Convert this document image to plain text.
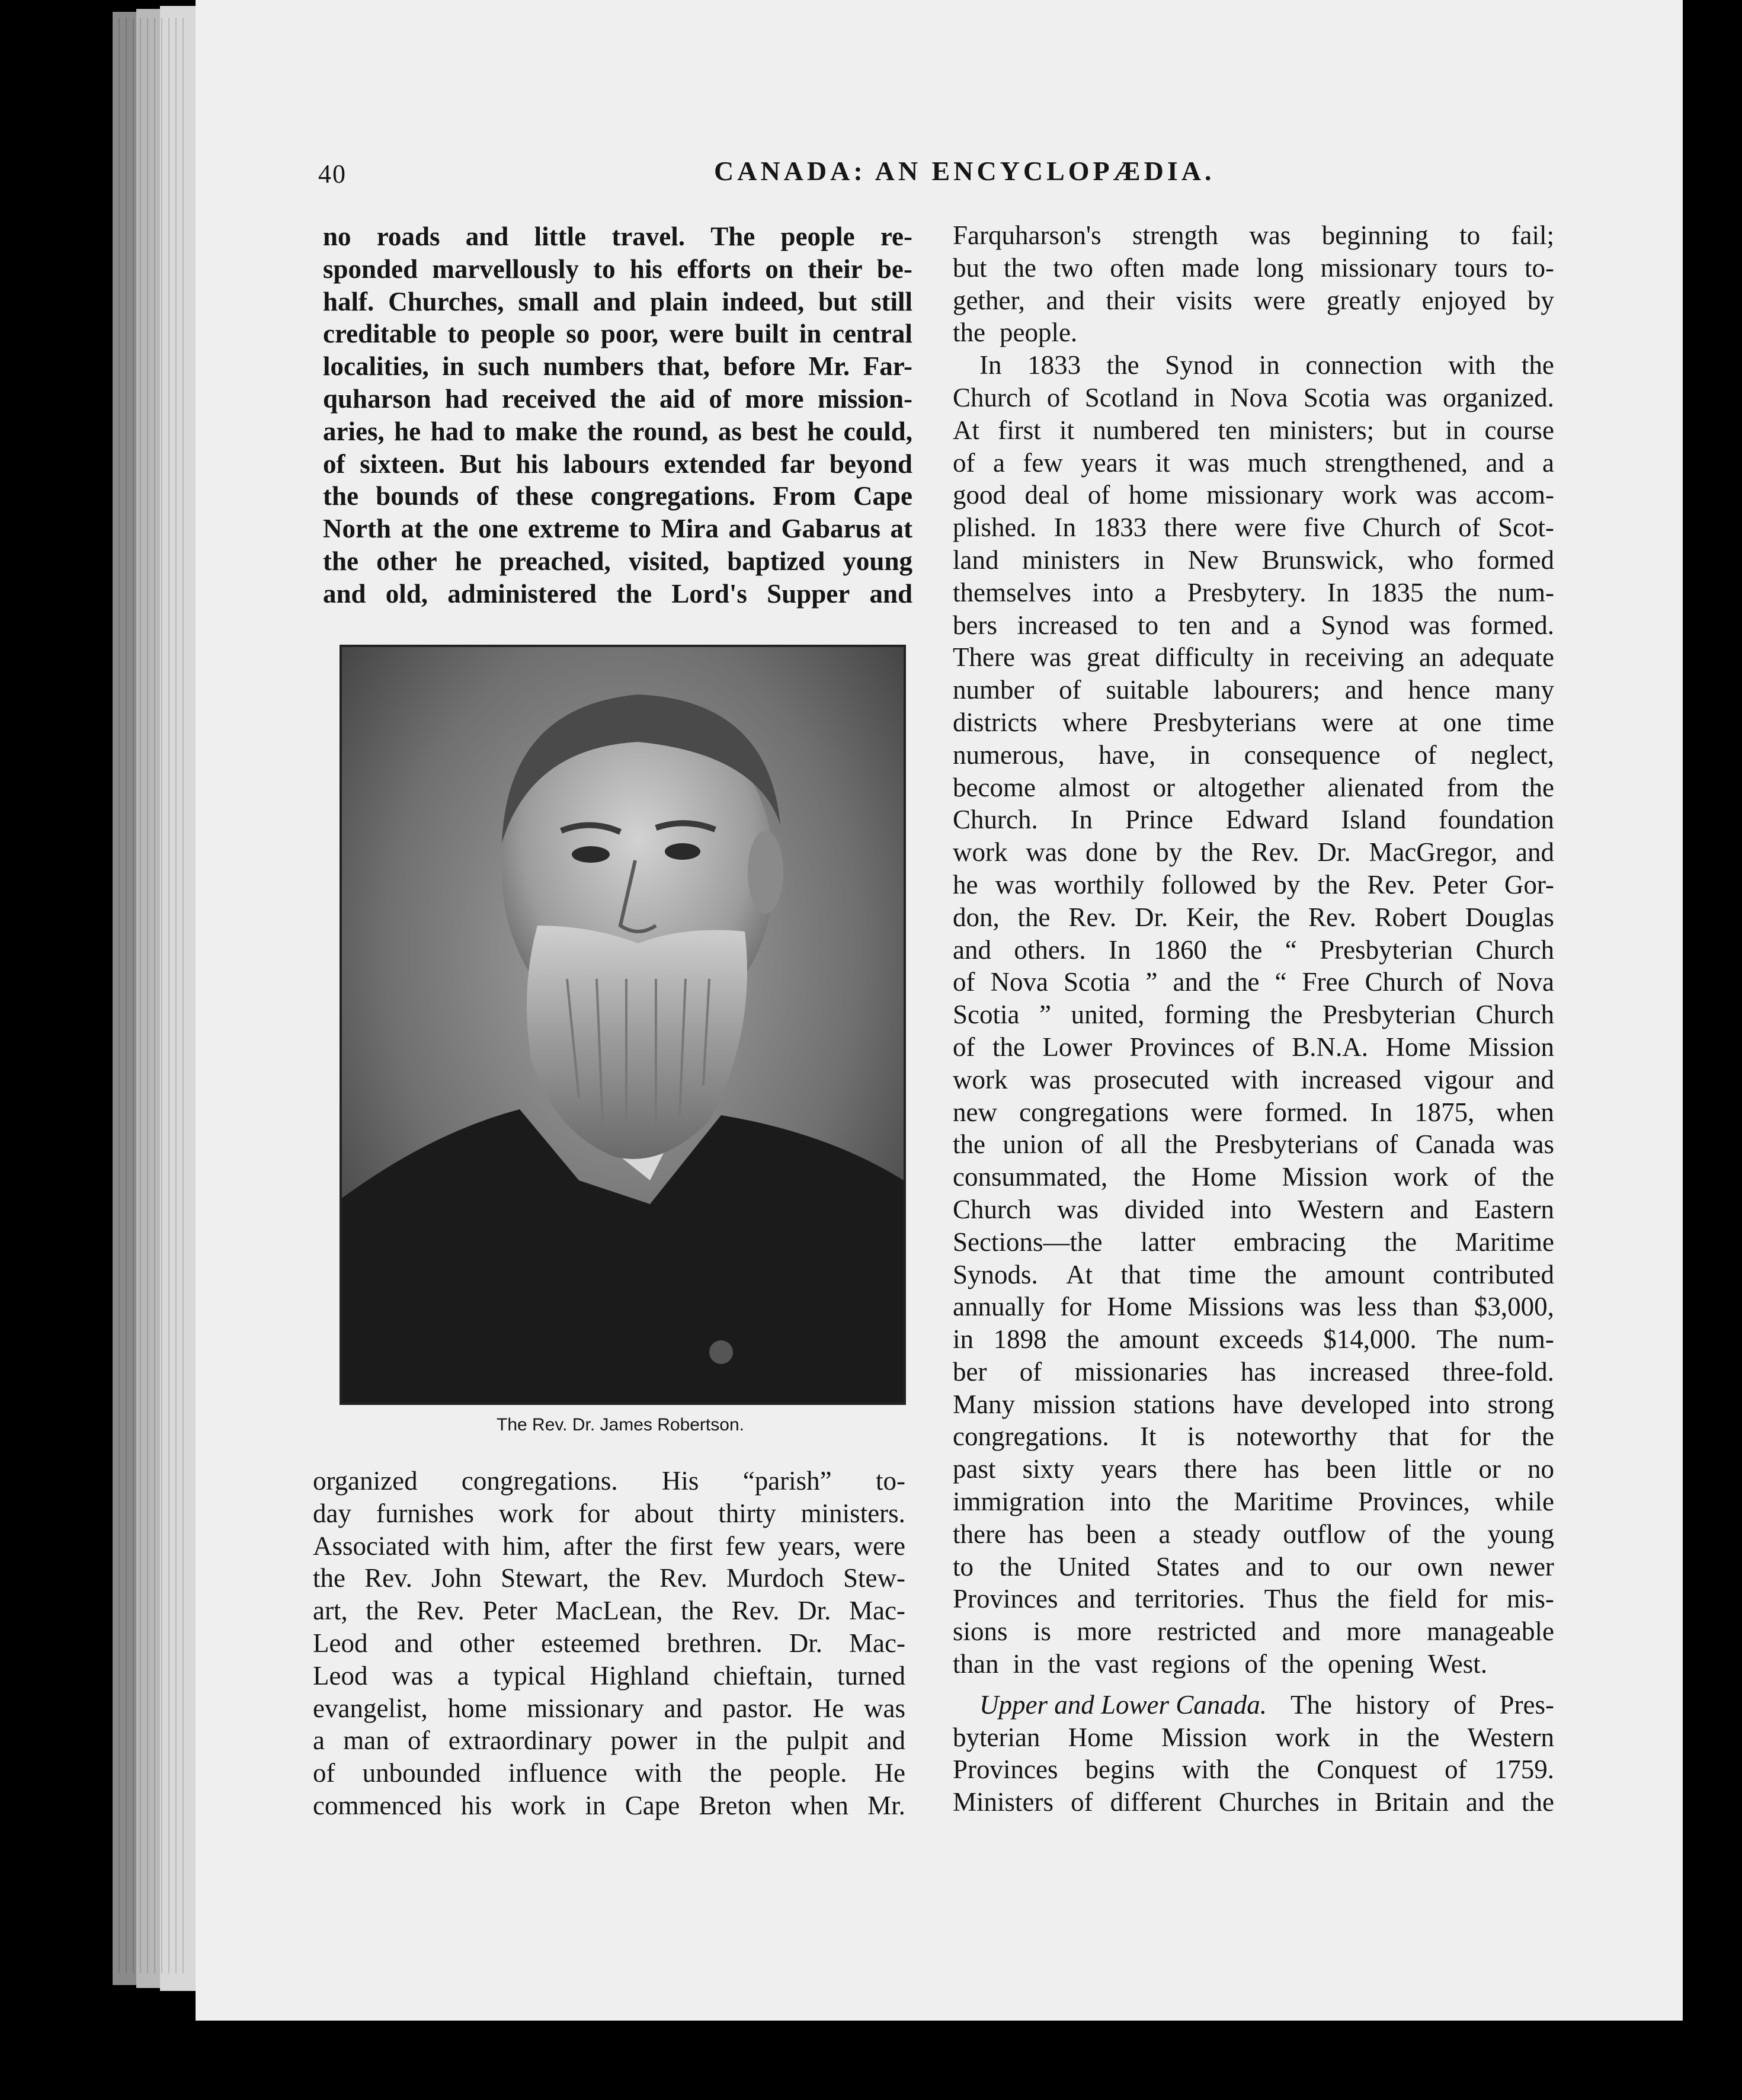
40	CANADA: AN ENCYCLOPÆDIA.
no roads and little travel. The people re-
sponded marvellously to his efforts on their be-
half. Churches, small and plain indeed, but still
creditable to people so poor, were built in central
localities, in such numbers that, before Mr. Far-
quharson had received the aid of more mission-
aries, he had to make the round, as best he could,
of sixteen. But his labours extended far beyond
the bounds of these congregations. From Cape
North at the one extreme to Mira and Gabarus at
the other he preached, visited, baptized young
and old, administered the Lord's Supper and
The Rev. Dr. James Robertson.
organized congregations. His “parish” to-
day furnishes work for about thirty ministers.
Associated with him, after the first few years, were
the Rev. John Stewart, the Rev. Murdoch Stew-
art, the Rev. Peter MacLean, the Rev. Dr. Mac-
Leod and other esteemed brethren. Dr. Mac-
Leod was a typical Highland chieftain, turned
evangelist, home missionary and pastor. He was
a man of extraordinary power in the pulpit and
of unbounded influence with the people. He
commenced his work in Cape Breton when Mr.
Farquharson's strength was beginning to fail;
but the two often made long missionary tours to-
gether, and their visits were greatly enjoyed by
the people.
In 1833 the Synod in connection with the
Church of Scotland in Nova Scotia was organized.
At first it numbered ten ministers; but in course
of a few years it was much strengthened, and a
good deal of home missionary work was accom-
plished. In 1833 there were five Church of Scot-
land ministers in New Brunswick, who formed
themselves into a Presbytery. In 1835 the num-
bers increased to ten and a Synod was formed.
There was great difficulty in receiving an adequate
number of suitable labourers; and hence many
districts where Presbyterians were at one time
numerous, have, in consequence of neglect,
become almost or altogether alienated from the
Church. In Prince Edward Island foundation
work was done by the Rev. Dr. MacGregor, and
he was worthily followed by the Rev. Peter Gor-
don, the Rev. Dr. Keir, the Rev. Robert Douglas
and others. In 1860 the “ Presbyterian Church
of Nova Scotia ” and the “ Free Church of Nova
Scotia ” united, forming the Presbyterian Church
of the Lower Provinces of B.N.A. Home Mission
work was prosecuted with increased vigour and
new congregations were formed. In 1875, when
the union of all the Presbyterians of Canada was
consummated, the Home Mission work of the
Church was divided into Western and Eastern
Sections—the latter embracing the Maritime
Synods. At that time the amount contributed
annually for Home Missions was less than $3,000,
in 1898 the amount exceeds $14,000. The num-
ber of missionaries has increased three-fold.
Many mission stations have developed into strong
congregations. It is noteworthy that for the
past sixty years there has been little or no
immigration into the Maritime Provinces, while
there has been a steady outflow of the young
to the United States and to our own newer
Provinces and territories. Thus the field for mis-
sions is more restricted and more manageable
than in the vast regions of the opening West.
Upper and Lower Canada. The history of Pres-
byterian Home Mission work in the Western
Provinces begins with the Conquest of 1759.
Ministers of different Churches in Britain and the
